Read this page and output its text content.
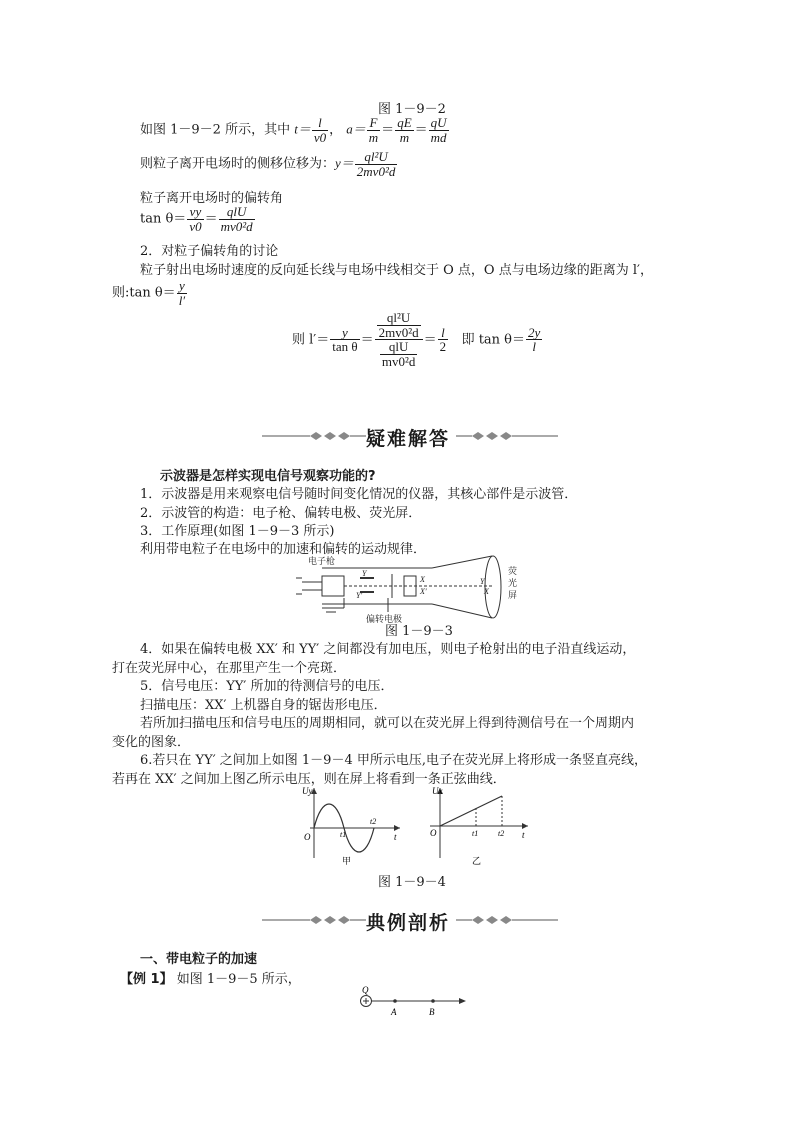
图 1－9－2
如图 1－9－2 所示，其中 $t= \frac{l}{v0}$ ， $a= \frac{F}{m} = \frac{qE}{m} = \frac{qU}{md}$
则粒子离开电场时的侧移位移为：$y= \frac{\text{ql²U}}{\text{2mv0²d}}$
粒子离开电场时的偏转角
$\tan \theta= \frac{vy}{v0} = \frac{\text{qlU}}{\text{mv0²d}}$
2．对粒子偏转角的讨论
粒子射出电场时速度的反向延长线与电场中线相交于 O 点，O 点与电场边缘的距离为 l′，
则:tan $\theta= \frac{y}{l'}$
则 $l'= \frac{y}{\text{tan θ}} = \frac{\frac{\text{ql²U}}{\text{2mv0²d}}}{\frac{\text{qlU}}{\text{mv0²d}}} = \frac{l}{2}$ 即 $\tan \theta= \frac{2y}{l}$
疑难解答
示波器是怎样实现电信号观察功能的?
1．示波器是用来观察电信号随时间变化情况的仪器，其核心部件是示波管．
2．示波管的构造：电子枪、偏转电极、荧光屏．
3．工作原理(如图 1－9－3 所示)
利用带电粒子在电场中的加速和偏转的运动规律．
电子枪
Y
Y′
X
X′
偏转电极
Y
X
荧
光
屏
图 1－9－3
4．如果在偏转电极 XX′ 和 YY′ 之间都没有加电压，则电子枪射出的电子沿直线运动，
打在荧光屏中心，在那里产生一个亮斑．
5．信号电压：YY′ 所加的待测信号的电压．
扫描电压：XX′ 上机器自身的锯齿形电压．
若所加扫描电压和信号电压的周期相同，就可以在荧光屏上得到待测信号在一个周期内
变化的图象．
6.若只在 YY′ 之间加上如图 1－9－4 甲所示电压,电子在荧光屏上将形成一条竖直亮线，
若再在 XX′ 之间加上图乙所示电压，则在屏上将看到一条正弦曲线．
Uy
O	t
t1
t2
甲
Ux
O	t
t1 t2
乙
图 1－9－4
典例剖析
一、带电粒子的加速
【例 1】 如图 1－9－5 所示，
Q
A	B
